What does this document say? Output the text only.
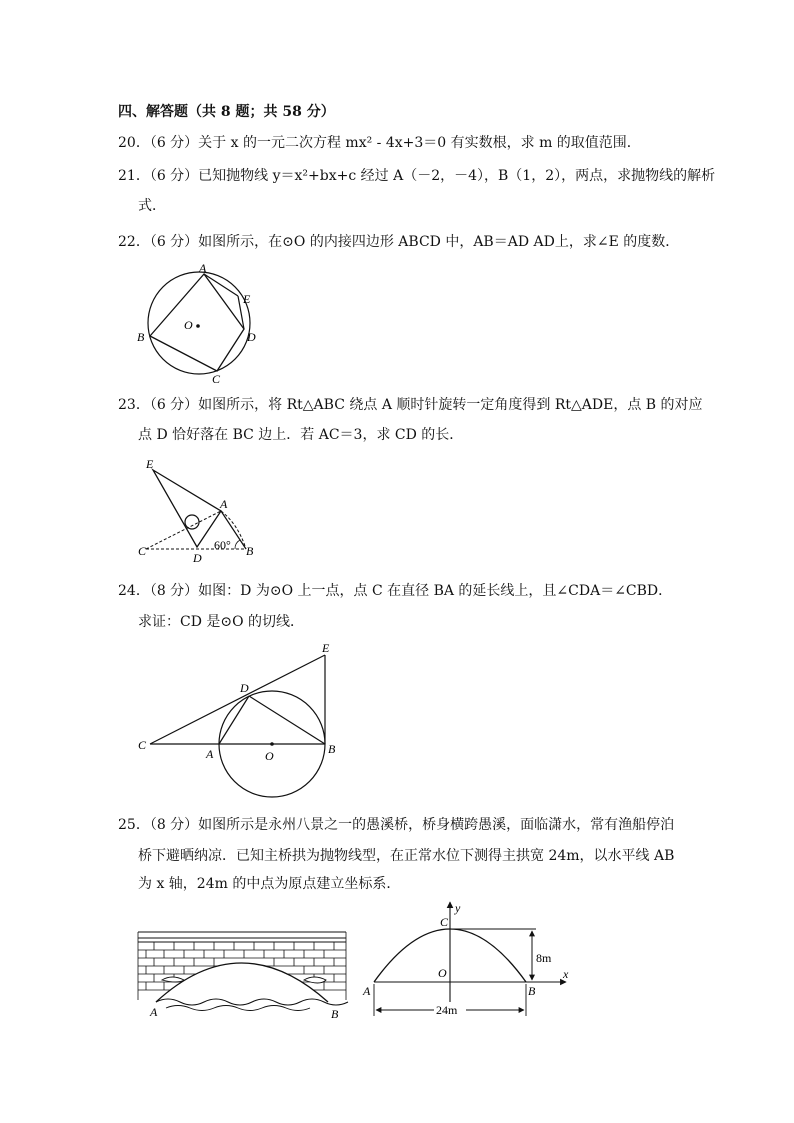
四、解答题（共 8 题；共 58 分）
20．（6 分）关于 x 的一元二次方程 mx² - 4x+3＝0 有实数根，求 m 的取值范围．
21．（6 分）已知抛物线 y＝x²+bx+c 经过 A（－2，－4），B（1，2），两点，求抛物线的解析
式．
22．（6 分）如图所示，在⊙O 的内接四边形 ABCD 中，AB＝AD AD上，求∠E 的度数．
A
E
D
B
C
O
23．（6 分）如图所示，将 Rt△ABC 绕点 A 顺时针旋转一定角度得到 Rt△ADE，点 B 的对应
点 D 恰好落在 BC 边上．若 AC＝3，求 CD 的长．
E
A
C	D	B
60°
24．（8 分）如图：D 为⊙O 上一点，点 C 在直径 BA 的延长线上，且∠CDA＝∠CBD．
求证：CD 是⊙O 的切线．
E
D
C
A	O	B
25．（8 分）如图所示是永州八景之一的愚溪桥，桥身横跨愚溪，面临潇水，常有渔船停泊
桥下避晒纳凉．已知主桥拱为抛物线型，在正常水位下测得主拱宽 24m，以水平线 AB
为 x 轴，24m 的中点为原点建立坐标系．
A	B	24m
8m
C
y
x
O
A	B
